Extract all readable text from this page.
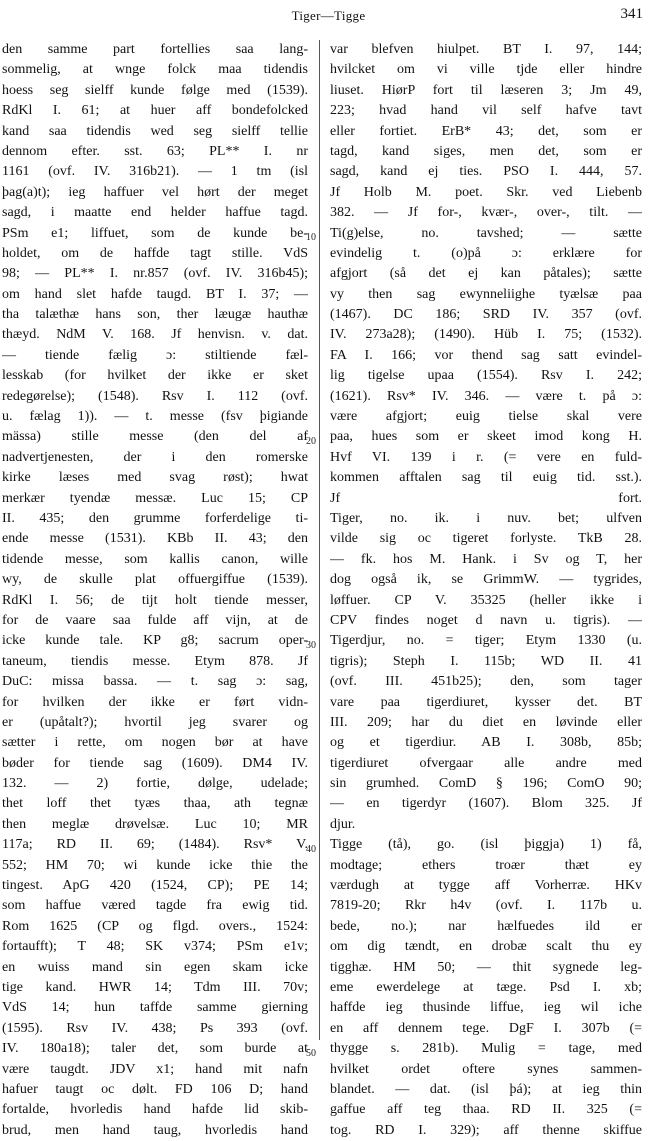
Tiger—Tigge	341
den samme part fortellies saa lang-
sommelig, at wnge folck maa tidendis
hoess seg sielff kunde følge med (1539).
RdKl I. 61; at huer aff bondefolcked
kand saa tidendis wed seg sielff tellie
dennom efter. sst. 63; PL** I. nr
1161 (ovf. IV. 316b21). — 1 tm (isl
þag(a)t); ieg haffuer vel hørt der meget
sagd, i maatte end helder haffue tagd.
PSm e1; liffuet, som de kunde be-
holdet, om de haffde tagt stille. VdS
98; — PL** I. nr.857 (ovf. IV. 316b45);
om hand slet hafde taugd. BT I. 37; —
tha talæthæ hans son, ther læugæ hauthæ
thæyd. NdM V. 168. Jf henvisn. v. dat.
— tiende fælig ɔ: stiltiende fæl-
lesskab (for hvilket der ikke er sket
redegørelse); (1548). Rsv I. 112 (ovf.
u. fælag 1)). — t. messe (fsv þigiande
mässa) stille messe (den del af
nadvertjenesten, der i den romerske
kirke læses med svag røst); hwat
merkær tyendæ messæ. Luc 15; CP
II. 435; den grumme forferdelige ti-
ende messe (1531). KBb II. 43; den
tidende messe, som kallis canon, wille
wy, de skulle plat offuergiffue (1539).
RdKl I. 56; de tijt holt tiende messer,
for de vaare saa fulde aff vijn, at de
icke kunde tale. KP g8; sacrum oper-
taneum, tiendis messe. Etym 878. Jf
DuC: missa bassa. — t. sag ɔ: sag,
for hvilken der ikke er ført vidn-
er (upåtalt?); hvortil jeg svarer og
sætter i rette, om nogen bør at have
bøder for tiende sag (1609). DM4 IV.
132. — 2) fortie, dølge, udelade;
thet loff thet tyæs thaa, ath tegnæ
then meglæ drøvelsæ. Luc 10; MR
117a; RD II. 69; (1484). Rsv* V.
552; HM 70; wi kunde icke thie the
tingest. ApG 420 (1524, CP); PE 14;
som haffue væred tagde fra ewig tid.
Rom 1625 (CP og flgd. overs., 1524:
fortaufft); T 48; SK v374; PSm e1v;
en wuiss mand sin egen skam icke
tige kand. HWR 14; Tdm III. 70v;
VdS 14; hun taffde samme gierning
(1595). Rsv IV. 438; Ps 393 (ovf.
IV. 180a18); taler det, som burde at
være taugdt. JDV x1; hand mit nafn
hafuer taugt oc dølt. FD 106 D; hand
fortalde, hvorledis hand hafde lid skib-
brud, men hand taug, hvorledis hand
10
20
30
40
50
var blefven hiulpet. BT I. 97, 144;
hvilcket om vi ville tjde eller hindre
liuset. HiørP fort til læseren 3; Jm 49,
223; hvad hand vil self hafve tavt
eller fortiet. ErB* 43; det, som er
tagd, kand siges, men det, som er
sagd, kand ej ties. PSO I. 444, 57.
Jf Holb M. poet. Skr. ved Liebenb
382. — Jf for-, kvær-, over-, tilt. —
Ti(g)else, no. tavshed; — sætte
evindelig t. (o)på ɔ: erklære for
afgjort (så det ej kan påtales); sætte
vy then sag ewynneliighe tyælsæ paa
(1467). DC 186; SRD IV. 357 (ovf.
IV. 273a28); (1490). Hüb I. 75; (1532).
FA I. 166; vor thend sag satt evindel-
lig tigelse upaa (1554). Rsv I. 242;
(1621). Rsv* IV. 346. — være t. på ɔ:
være afgjort; euig tielse skal vere
paa, hues som er skeet imod kong H.
Hvf VI. 139 i r. (= vere en fuld-
kommen afftalen sag til euig tid. sst.).
Jf fort.
Tiger, no. ik. i nuv. bet; ulfven
vilde sig oc tigeret forlyste. TkB 28.
— fk. hos M. Hank. i Sv og T, her
dog også ik, se GrimmW. — tygrides,
løffuer. CP V. 35325 (heller ikke i
CPV findes noget d navn u. tigris). —
Tigerdjur, no. = tiger; Etym 1330 (u.
tigris); Steph I. 115b; WD II. 41
(ovf. III. 451b25); den, som tager
vare paa tigerdiuret, kysser det. BT
III. 209; har du diet en løvinde eller
og et tigerdiur. AB I. 308b, 85b;
tigerdiuret ofvergaar alle andre med
sin grumhed. ComD § 196; ComO 90;
— en tigerdyr (1607). Blom 325. Jf
djur.
Tigge (tå), go. (isl þiggja) 1) få,
modtage; ethers troær thæt ey
værdugh at tygge aff Vorherræ. HKv
7819-20; Rkr h4v (ovf. I. 117b u.
bede, no.); nar hælfuedes ild er
om dig tændt, en drobæ scalt thu ey
tigghæ. HM 50; — thit sygnede leg-
eme ewerdelege at tæge. Psd I. xb;
haffde ieg thusinde liffue, ieg wil iche
en aff dennem tege. DgF I. 307b (=
thygge s. 281b). Mulig = tage, med
hvilket ordet oftere synes sammen-
blandet. — dat. (isl þá); at ieg thin
gaffue aff teg thaa. RD II. 325 (=
tog. RD I. 329); aff thenne skiffue
